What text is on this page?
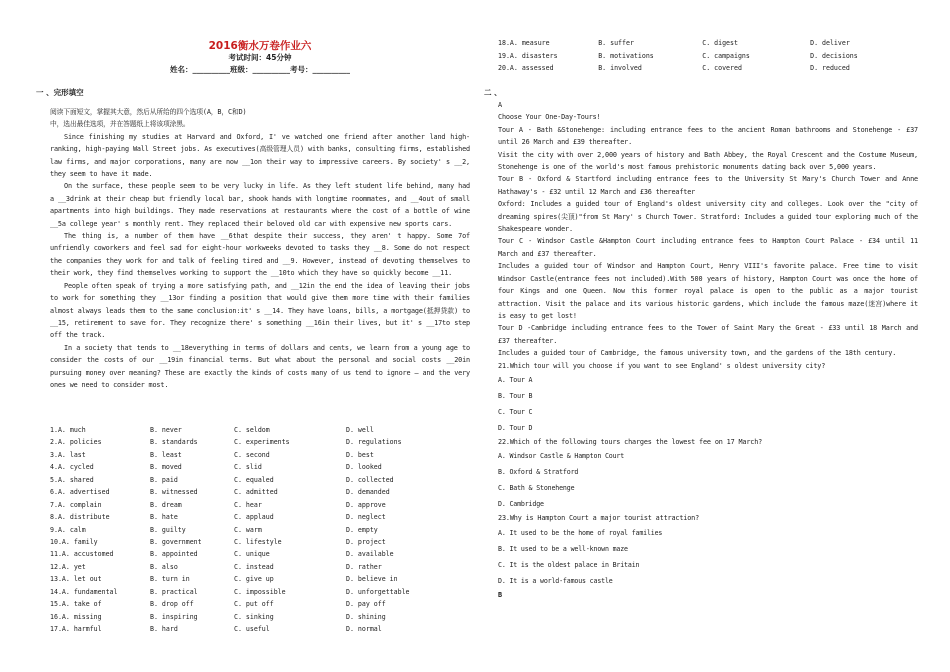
2016衡水万卷作业六
考试时间：45分钟
姓名：__________班级：__________考号：__________
一 、完形填空

阅读下面短文，掌握其大意，然后从所给的四个选项(A，B，C和D)

中，选出最佳选项，并在答题纸上将该项涂黑。

Since finishing my studies at Harvard and Oxford, I' ve watched one friend after another land high-ranking, high-paying Wall Street jobs. As executives(高级管理人员) with banks, consulting firms, established law firms, and major corporations, many are now __1on their way to impressive careers. By society' s __2, they seem to have it made.

On the surface, these people seem to be very lucky in life. As they left student life behind, many had a __3drink at their cheap but friendly local bar, shook hands with longtime roommates, and __4out of small apartments into high buildings. They made reservations at restaurants where the cost of a bottle of wine __5a college year' s monthly rent. They replaced their beloved old car with expensive new sports cars.

The thing is, a number of them have __6that despite their success, they aren' t happy. Some 7of unfriendly coworkers and feel sad for eight-hour workweeks devoted to tasks they __8. Some do not respect the companies they work for and talk of feeling tired and __9. However, instead of devoting themselves to their work, they find themselves working to support the __10to which they have so quickly become __11.

People often speak of trying a more satisfying path, and __12in the end the idea of leaving their jobs to work for something they __13or finding a position that would give them more time with their families almost always leads them to the same conclusion:it' s __14. They have loans, bills, a mortgage(抵押贷款) to __15, retirement to save for. They recognize there' s something __16in their lives, but it' s __17to step off the track.

In a society that tends to __18everything in terms of dollars and cents, we learn from a young age to consider the costs of our __19in financial terms. But what about the personal and social costs __20in pursuing money over meaning? These are exactly the kinds of costs many of us tend to ignore — and the very ones we need to consider most.

1.A. much	B. never	C. seldom	D. well
2.A. policies	B. standards	C. experiments	D. regulations
3.A. last	B. least	C. second	D. best
4.A. cycled	B. moved	C. slid	D. looked
5.A. shared	B. paid	C. equaled	D. collected
6.A. advertised	B. witnessed	C. admitted	D. demanded
7.A. complain	B. dream	C. hear	D. approve
8.A. distribute	B. hate	C. applaud	D. neglect
9.A. calm	B. guilty	C. warm	D. empty
10.A. family	B. government	C. lifestyle	D. project
11.A. accustomed	B. appointed	C. unique	D. available
12.A. yet	B. also	C. instead	D. rather
13.A. let out	B. turn in	C. give up	D. believe in
14.A. fundamental	B. practical	C. impossible	D. unforgettable
15.A. take of	B. drop off	C. put off	D. pay off
16.A. missing	B. inspiring	C. sinking	D. shining
17.A. harmful	B. hard	C. useful	D. normal
18.A. measure	B. suffer	C. digest	D. deliver
19.A. disasters	B. motivations	C. campaigns	D. decisions
20.A. assessed	B. involved	C. covered	D. reduced
二 、

A

Choose Your One-Day-Tours!

Tour A - Bath &Stonehenge: including entrance fees to the ancient Roman bathrooms and Stonehenge - £37 until 26 March and £39 thereafter.

Visit the city with over 2,000 years of history and Bath Abbey, the Royal Crescent and the Costume Museum, Stonehenge is one of the world's most famous prehistoric monuments dating back over 5,000 years.

Tour B - Oxford & Startford including entrance fees to the University St Mary's Church Tower and Anne Hathaway's - £32 until 12 March and £36 thereafter

Oxford: Includes a guided tour of England's oldest university city and colleges. Look over the "city of dreaming spires(尖顶)"from St Mary' s Church Tower. Stratford: Includes a guided tour exploring much of the Shakespeare wonder.

Tour C - Windsor Castle &Hampton Court including entrance fees to Hampton Court Palace - £34 until 11 March and £37 thereafter.

Includes a guided tour of Windsor and Hampton Court, Henry VIII's favorite palace. Free time to visit Windsor Castle(entrance fees not included).With 500 years of history, Hampton Court was once the home of four Kings and one Queen. Now this former royal palace is open to the public as a major tourist attraction. Visit the palace and its various historic gardens, which include the famous maze(迷宫)where it is easy to get lost!

Tour D -Cambridge including entrance fees to the Tower of Saint Mary the Great - £33 until 18 March and £37 thereafter.

Includes a guided tour of Cambridge, the famous university town, and the gardens of the 18th century.

21.Which tour will you choose if you want to see England' s oldest university city?

A. Tour A
B. Tour B
C. Tour C
D. Tour D

22.Which of the following tours charges the lowest fee on 17 March?

A. Windsor Castle & Hampton Court
B. Oxford & Stratford
C. Bath & Stonehenge
D. Cambridge

23.Why is Hampton Court a major tourist attraction?

A. It used to be the home of royal families
B. It used to be a well-known maze
C. It is the oldest palace in Britain
D. It is a world-famous castle

B
